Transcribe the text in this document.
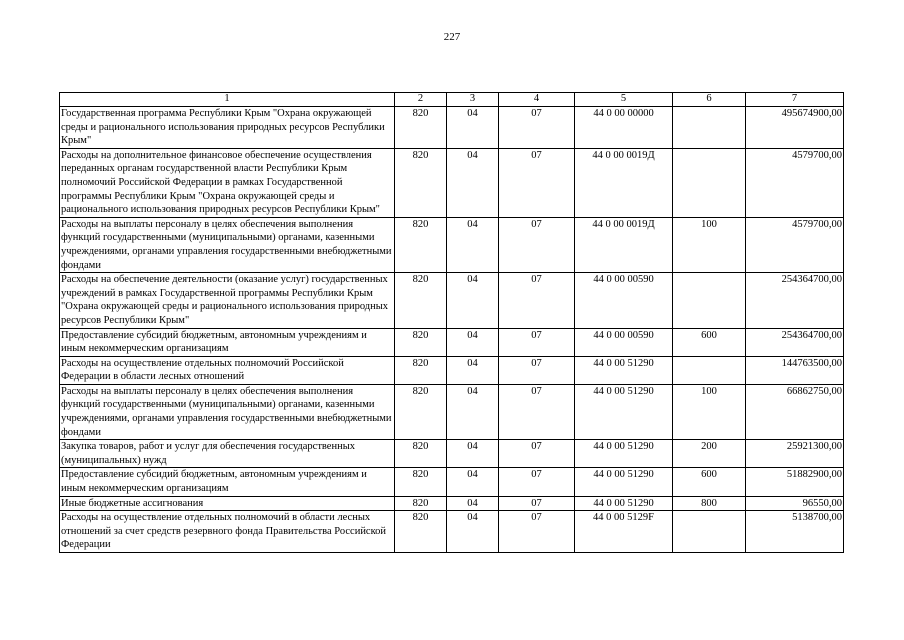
227
1	2	3	4	5	6	7
Государственная программа Республики Крым "Охрана окружающей среды и рационального использования природных ресурсов Республики Крым"	820	04	07	44 0 00 00000		495674900,00
Расходы на дополнительное финансовое обеспечение осуществления переданных органам государственной власти Республики Крым полномочий Российской Федерации в рамках Государственной программы Республики Крым "Охрана окружающей среды и рационального использования природных ресурсов Республики Крым"	820	04	07	44 0 00 0019Д		4579700,00
Расходы на выплаты персоналу в целях обеспечения выполнения функций государственными (муниципальными) органами, казенными учреждениями, органами управления государственными внебюджетными фондами	820	04	07	44 0 00 0019Д	100	4579700,00
Расходы на обеспечение деятельности (оказание услуг) государственных учреждений в рамках Государственной программы Республики Крым "Охрана окружающей среды и рационального использования природных ресурсов Республики Крым"	820	04	07	44 0 00 00590		254364700,00
Предоставление субсидий бюджетным, автономным учреждениям и иным некоммерческим организациям	820	04	07	44 0 00 00590	600	254364700,00
Расходы на осуществление отдельных полномочий Российской Федерации в области лесных отношений	820	04	07	44 0 00 51290		144763500,00
Расходы на выплаты персоналу в целях обеспечения выполнения функций государственными (муниципальными) органами, казенными учреждениями, органами управления государственными внебюджетными фондами	820	04	07	44 0 00 51290	100	66862750,00
Закупка товаров, работ и услуг для обеспечения государственных (муниципальных) нужд	820	04	07	44 0 00 51290	200	25921300,00
Предоставление субсидий бюджетным, автономным учреждениям и иным некоммерческим организациям	820	04	07	44 0 00 51290	600	51882900,00
Иные бюджетные ассигнования	820	04	07	44 0 00 51290	800	96550,00
Расходы на осуществление отдельных полномочий в области лесных отношений за счет средств резервного фонда Правительства Российской Федерации	820	04	07	44 0 00 5129F		5138700,00
